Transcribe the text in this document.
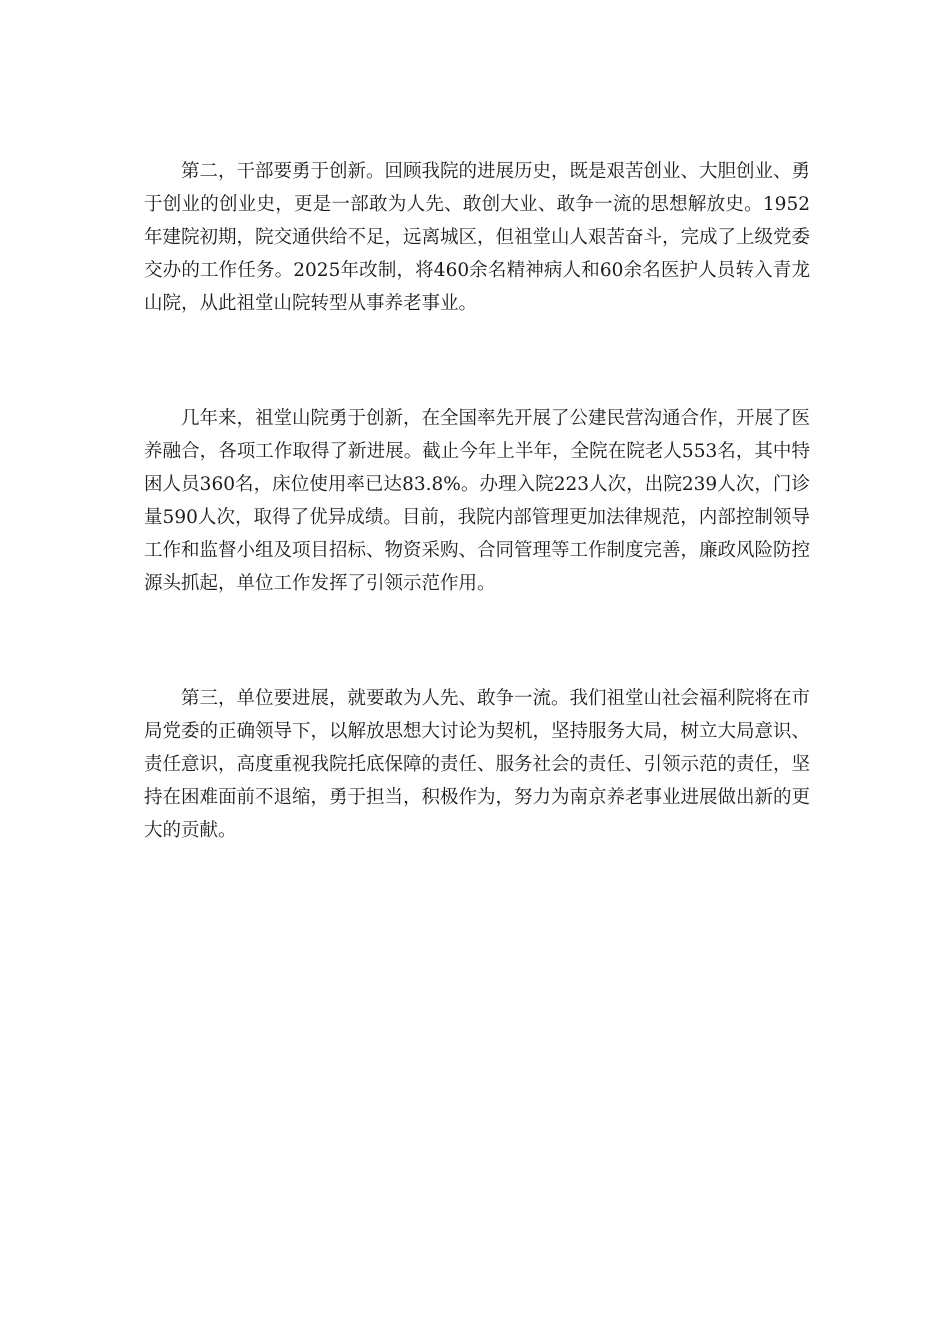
第二，干部要勇于创新。回顾我院的进展历史，既是艰苦创业、大胆创业、勇于创业的创业史，更是一部敢为人先、敢创大业、敢争一流的思想解放史。1952年建院初期，院交通供给不足，远离城区，但祖堂山人艰苦奋斗，完成了上级党委交办的工作任务。2025年改制，将460余名精神病人和60余名医护人员转入青龙山院，从此祖堂山院转型从事养老事业。

几年来，祖堂山院勇于创新，在全国率先开展了公建民营沟通合作，开展了医养融合，各项工作取得了新进展。截止今年上半年，全院在院老人553名，其中特困人员360名，床位使用率已达83.8%。办理入院223人次，出院239人次，门诊量590人次，取得了优异成绩。目前，我院内部管理更加法律规范，内部控制领导工作和监督小组及项目招标、物资采购、合同管理等工作制度完善，廉政风险防控源头抓起，单位工作发挥了引领示范作用。

第三，单位要进展，就要敢为人先、敢争一流。我们祖堂山社会福利院将在市局党委的正确领导下，以解放思想大讨论为契机，坚持服务大局，树立大局意识、责任意识，高度重视我院托底保障的责任、服务社会的责任、引领示范的责任，坚持在困难面前不退缩，勇于担当，积极作为，努力为南京养老事业进展做出新的更大的贡献。
